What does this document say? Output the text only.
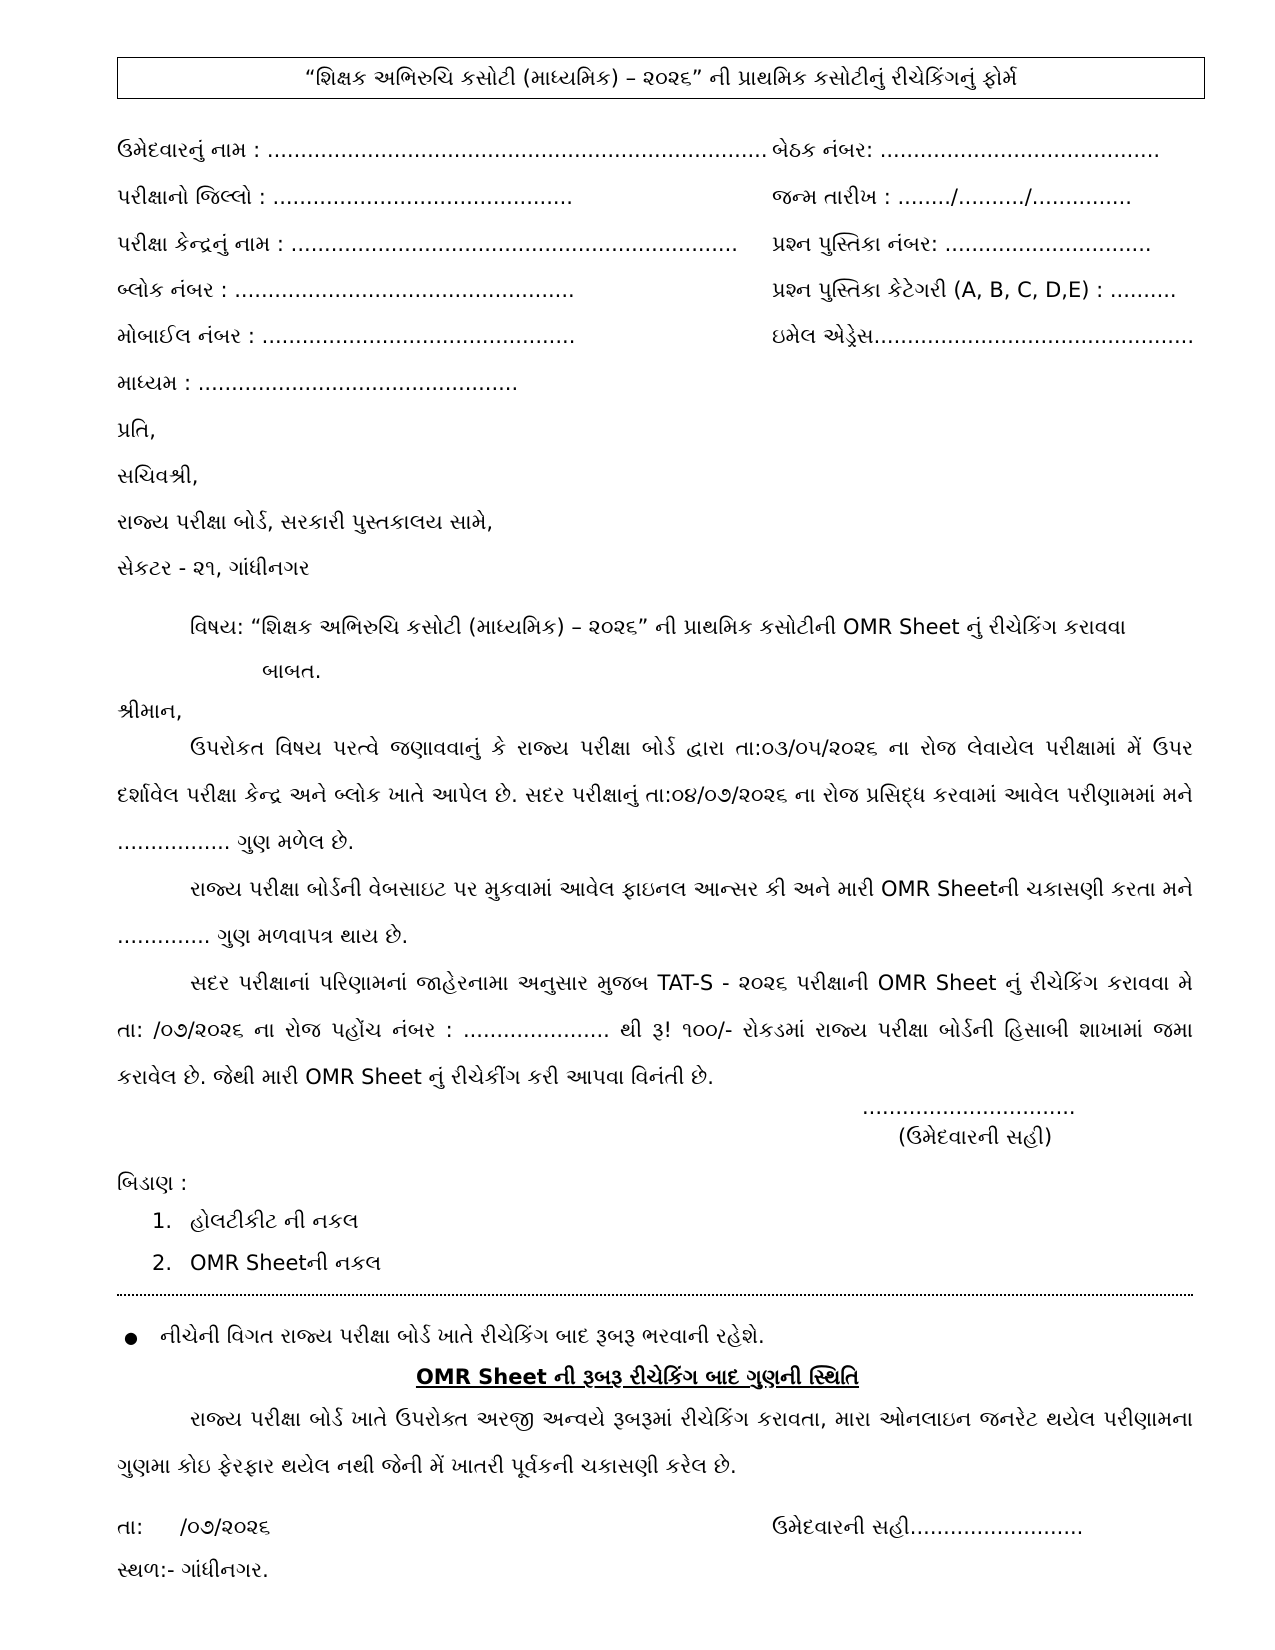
“શિક્ષક અભિરુચિ કસોટી (માધ્યમિક) – ૨૦૨૬” ની પ્રાથમિક કસોટીનું રીચેકિંગનું ફોર્મ
ઉમેદવારનું નામ : ...........................................................................
પરીક્ષાનો જિલ્લો : .............................................
પરીક્ષા કેન્દ્રનું નામ : ...................................................................
બ્લોક નંબર : ...................................................
મોબાઈલ નંબર : ...............................................
માધ્યમ : ................................................
બેઠક નંબર: ..........................................
જન્મ તારીખ : ......../........../...............
પ્રશ્ન પુસ્તિકા નંબર: ...............................
પ્રશ્ન પુસ્તિકા કેટેગરી (A, B, C, D,E) : ..........
ઇમેલ એડ્રેસ................................................
પ્રતિ,
સચિવશ્રી,
રાજ્ય પરીક્ષા બોર્ડ, સરકારી પુસ્તકાલય સામે,
સેકટર - ૨૧, ગાંધીનગર
વિષય: “શિક્ષક અભિરુચિ કસોટી (માધ્યમિક) – ૨૦૨૬” ની પ્રાથમિક કસોટીની OMR Sheet નું રીચેકિંગ કરાવવા
બાબત.
શ્રીમાન,
ઉપરોકત વિષય પરત્વે જણાવવાનું કે રાજ્ય પરીક્ષા બોર્ડ દ્વારા તા:૦૩/૦૫/૨૦૨૬ ના રોજ લેવાયેલ પરીક્ષામાં મેં ઉપર દર્શાવેલ પરીક્ષા કેન્દ્ર અને બ્લોક ખાતે આપેલ છે. સદર પરીક્ષાનું તા:૦૪/૦૭/૨૦૨૬ ના રોજ પ્રસિદ્ધ કરવામાં આવેલ પરીણામમાં મને ................. ગુણ મળેલ છે.
રાજ્ય પરીક્ષા બોર્ડની વેબસાઇટ પર મુકવામાં આવેલ ફાઇનલ આન્સર કી અને મારી OMR Sheetની ચકાસણી કરતા મને .............. ગુણ મળવાપત્ર થાય છે.
સદર પરીક્ષાનાં પરિણામનાં જાહેરનામા અનુસાર મુજબ TAT-S - ૨૦૨૬ પરીક્ષાની OMR Sheet નું રીચેકિંગ કરાવવા મે તા: /૦૭/૨૦૨૬ ના રોજ પહોંચ નંબર : ...................... થી રૂ! ૧૦૦/- રોકડમાં રાજ્ય પરીક્ષા બોર્ડની હિસાબી શાખામાં જમા કરાવેલ છે. જેથી મારી OMR Sheet નું રીચેકીંગ કરી આપવા વિનંતી છે.
................................
(ઉમેદવારની સહી)
બિડાણ :
1. હોલટીકીટ ની નકલ
2. OMR Sheetની નકલ
● નીચેની વિગત રાજ્ય પરીક્ષા બોર્ડ ખાતે રીચેકિંગ બાદ રૂબરૂ ભરવાની રહેશે.
OMR Sheet ની રૂબરૂ રીચેકિંગ બાદ ગુણની સ્થિતિ
રાજ્ય પરીક્ષા બોર્ડ ખાતે ઉપરોક્ત અરજી અન્વયે રૂબરૂમાં રીચેકિંગ કરાવતા, મારા ઓનલાઇન જનરેટ થયેલ પરીણામના ગુણમા કોઇ ફેરફાર થયેલ નથી જેની મેં ખાતરી પૂર્વકની ચકાસણી કરેલ છે.
તા: /૦૭/૨૦૨૬	ઉમેદવારની સહી..........................
સ્થળ:- ગાંધીનગર.
